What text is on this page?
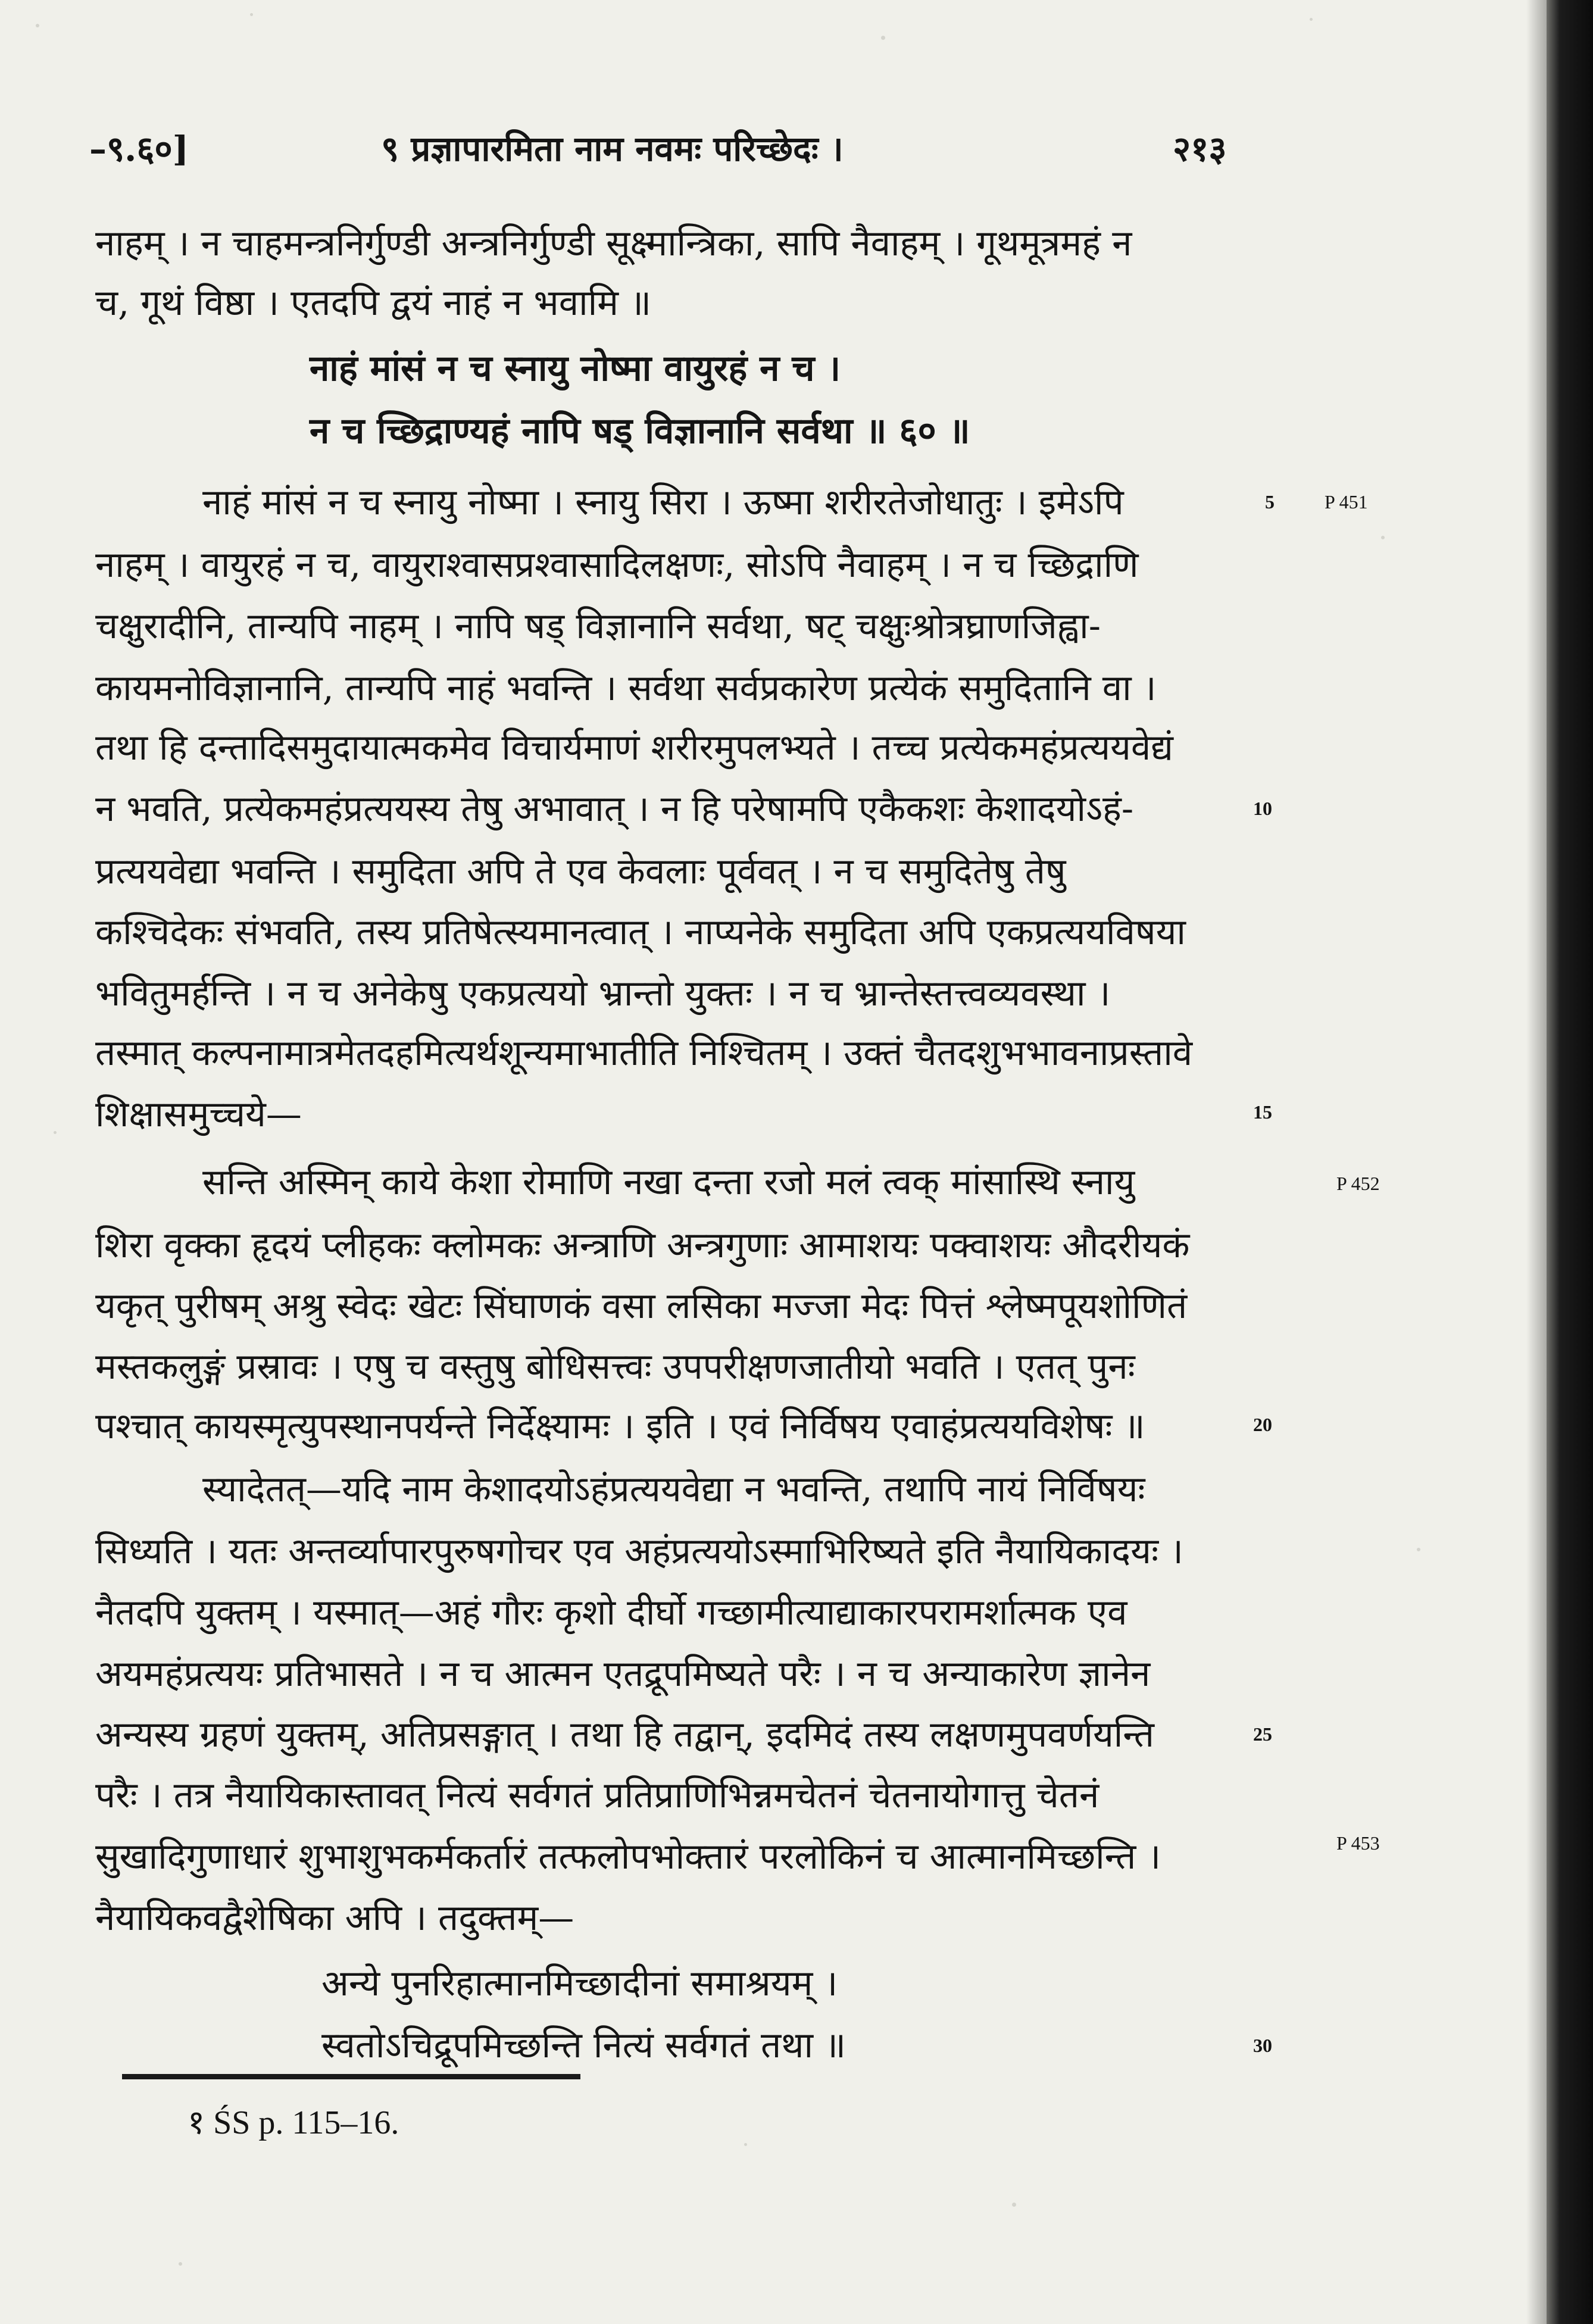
–९.६०]	९ प्रज्ञापारमिता नाम नवमः परिच्छेदः ।	२१३
नाहम् । न चाहमन्त्रनिर्गुण्डी अन्त्रनिर्गुण्डी सूक्ष्मान्त्रिका, सापि नैवाहम् । गूथमूत्रमहं न
च, गूथं विष्ठा । एतदपि द्वयं नाहं न भवामि ॥
नाहं मांसं न च स्नायु नोष्मा वायुरहं न च ।
न च च्छिद्राण्यहं नापि षड् विज्ञानानि सर्वथा ॥ ६० ॥
नाहं मांसं न च स्नायु नोष्मा । स्नायु सिरा । ऊष्मा शरीरतेजोधातुः । इमेऽपि
नाहम् । वायुरहं न च, वायुराश्वासप्रश्वासादिलक्षणः, सोऽपि नैवाहम् । न च च्छिद्राणि
चक्षुरादीनि, तान्यपि नाहम् । नापि षड् विज्ञानानि सर्वथा, षट् चक्षुःश्रोत्रघ्राणजिह्वा-
कायमनोविज्ञानानि, तान्यपि नाहं भवन्ति । सर्वथा सर्वप्रकारेण प्रत्येकं समुदितानि वा ।
तथा हि दन्तादिसमुदायात्मकमेव विचार्यमाणं शरीरमुपलभ्यते । तच्च प्रत्येकमहंप्रत्ययवेद्यं
न भवति, प्रत्येकमहंप्रत्ययस्य तेषु अभावात् । न हि परेषामपि एकैकशः केशादयोऽहं-
प्रत्ययवेद्या भवन्ति । समुदिता अपि ते एव केवलाः पूर्ववत् । न च समुदितेषु तेषु
कश्चिदेकः संभवति, तस्य प्रतिषेत्स्यमानत्वात् । नाप्यनेके समुदिता अपि एकप्रत्ययविषया
भवितुमर्हन्ति । न च अनेकेषु एकप्रत्ययो भ्रान्तो युक्तः । न च भ्रान्तेस्तत्त्वव्यवस्था ।
तस्मात् कल्पनामात्रमेतदहमित्यर्थशून्यमाभातीति निश्चितम् । उक्तं चैतदशुभभावनाप्रस्तावे
शिक्षासमुच्चये—
सन्ति अस्मिन् काये केशा रोमाणि नखा दन्ता रजो मलं त्वक् मांसास्थि स्नायु
शिरा वृक्का हृदयं प्लीहकः क्लोमकः अन्त्राणि अन्त्रगुणाः आमाशयः पक्वाशयः औदरीयकं
यकृत् पुरीषम् अश्रु स्वेदः खेटः सिंघाणकं वसा लसिका मज्जा मेदः पित्तं श्लेष्मपूयशोणितं
मस्तकलुङ्गं प्रस्रावः । एषु च वस्तुषु बोधिसत्त्वः उपपरीक्षणजातीयो भवति । एतत् पुनः
पश्चात् कायस्मृत्युपस्थानपर्यन्ते निर्देक्ष्यामः । इति । एवं निर्विषय एवाहंप्रत्ययविशेषः ॥
स्यादेतत्—यदि नाम केशादयोऽहंप्रत्ययवेद्या न भवन्ति, तथापि नायं निर्विषयः
सिध्यति । यतः अन्तर्व्यापारपुरुषगोचर एव अहंप्रत्ययोऽस्माभिरिष्यते इति नैयायिकादयः ।
नैतदपि युक्तम् । यस्मात्—अहं गौरः कृशो दीर्घो गच्छामीत्याद्याकारपरामर्शात्मक एव
अयमहंप्रत्ययः प्रतिभासते । न च आत्मन एतद्रूपमिष्यते परैः । न च अन्याकारेण ज्ञानेन
अन्यस्य ग्रहणं युक्तम्, अतिप्रसङ्गात् । तथा हि तद्वान्, इदमिदं तस्य लक्षणमुपवर्णयन्ति
परैः । तत्र नैयायिकास्तावत् नित्यं सर्वगतं प्रतिप्राणिभिन्नमचेतनं चेतनायोगात्तु चेतनं
सुखादिगुणाधारं शुभाशुभकर्मकर्तारं तत्फलोपभोक्तारं परलोकिनं च आत्मानमिच्छन्ति ।
नैयायिकवद्वैशेषिका अपि । तदुक्तम्—
अन्ये पुनरिहात्मानमिच्छादीनां समाश्रयम् ।
स्वतोऽचिद्रूपमिच्छन्ति नित्यं सर्वगतं तथा ॥
5
10
15
20
25
30
P 451
P 452
P 453
१ ŚS p. 115–16.
